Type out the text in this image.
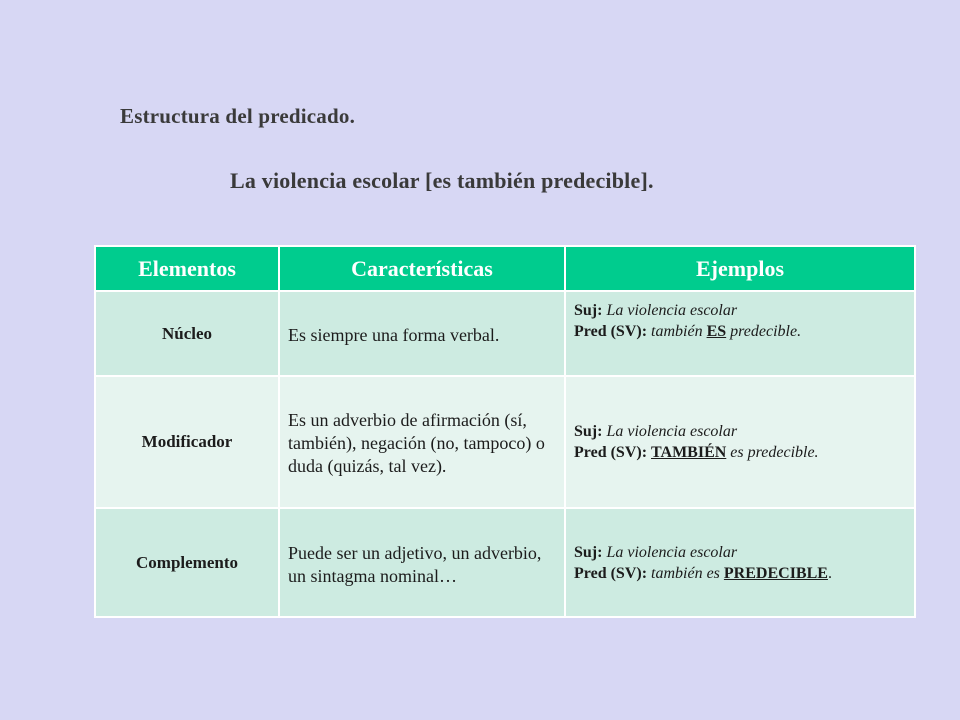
Estructura del predicado.
La violencia escolar [es también predecible].
Elementos	Características	Ejemplos
Núcleo	Es siempre una forma verbal.	Suj: La violencia escolar
Pred (SV): también ES predecible.

Modificador	Es un adverbio de afirmación (sí, también), negación (no, tampoco) o duda (quizás, tal vez).	Suj: La violencia escolar
Pred (SV): TAMBIÉN es predecible.

Complemento	Puede ser un adjetivo, un adverbio, un sintagma nominal…	Suj: La violencia escolar
Pred (SV): también es PREDECIBLE.
